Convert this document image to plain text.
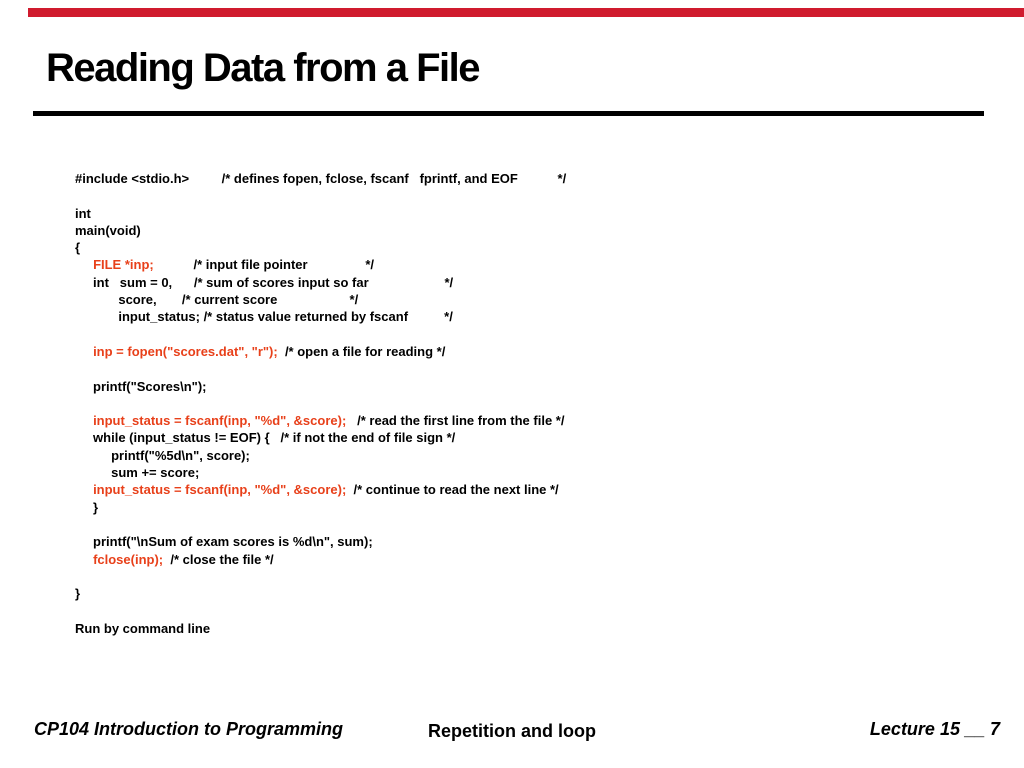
Reading Data from a File
#include <stdio.h>         /* defines fopen, fclose, fscanf   fprintf, and EOF           */
int
main(void)
{
FILE *inp;           /* input file pointer                */
int   sum = 0,      /* sum of scores input so far                     */
score,       /* current score                    */
input_status; /* status value returned by fscanf          */
inp = fopen("scores.dat", "r");  /* open a file for reading */
printf("Scores\n");
input_status = fscanf(inp, "%d", &score);   /* read the first line from the file */
while (input_status != EOF) {   /* if not the end of file sign */
printf("%5d\n", score);
sum += score;
input_status = fscanf(inp, "%d", &score);  /* continue to read the next line */
}
printf("\nSum of exam scores is %d\n", sum);
fclose(inp);  /* close the file */
}
Run by command line
CP104 Introduction to Programming	Repetition and loop	Lecture 15 __ 7
